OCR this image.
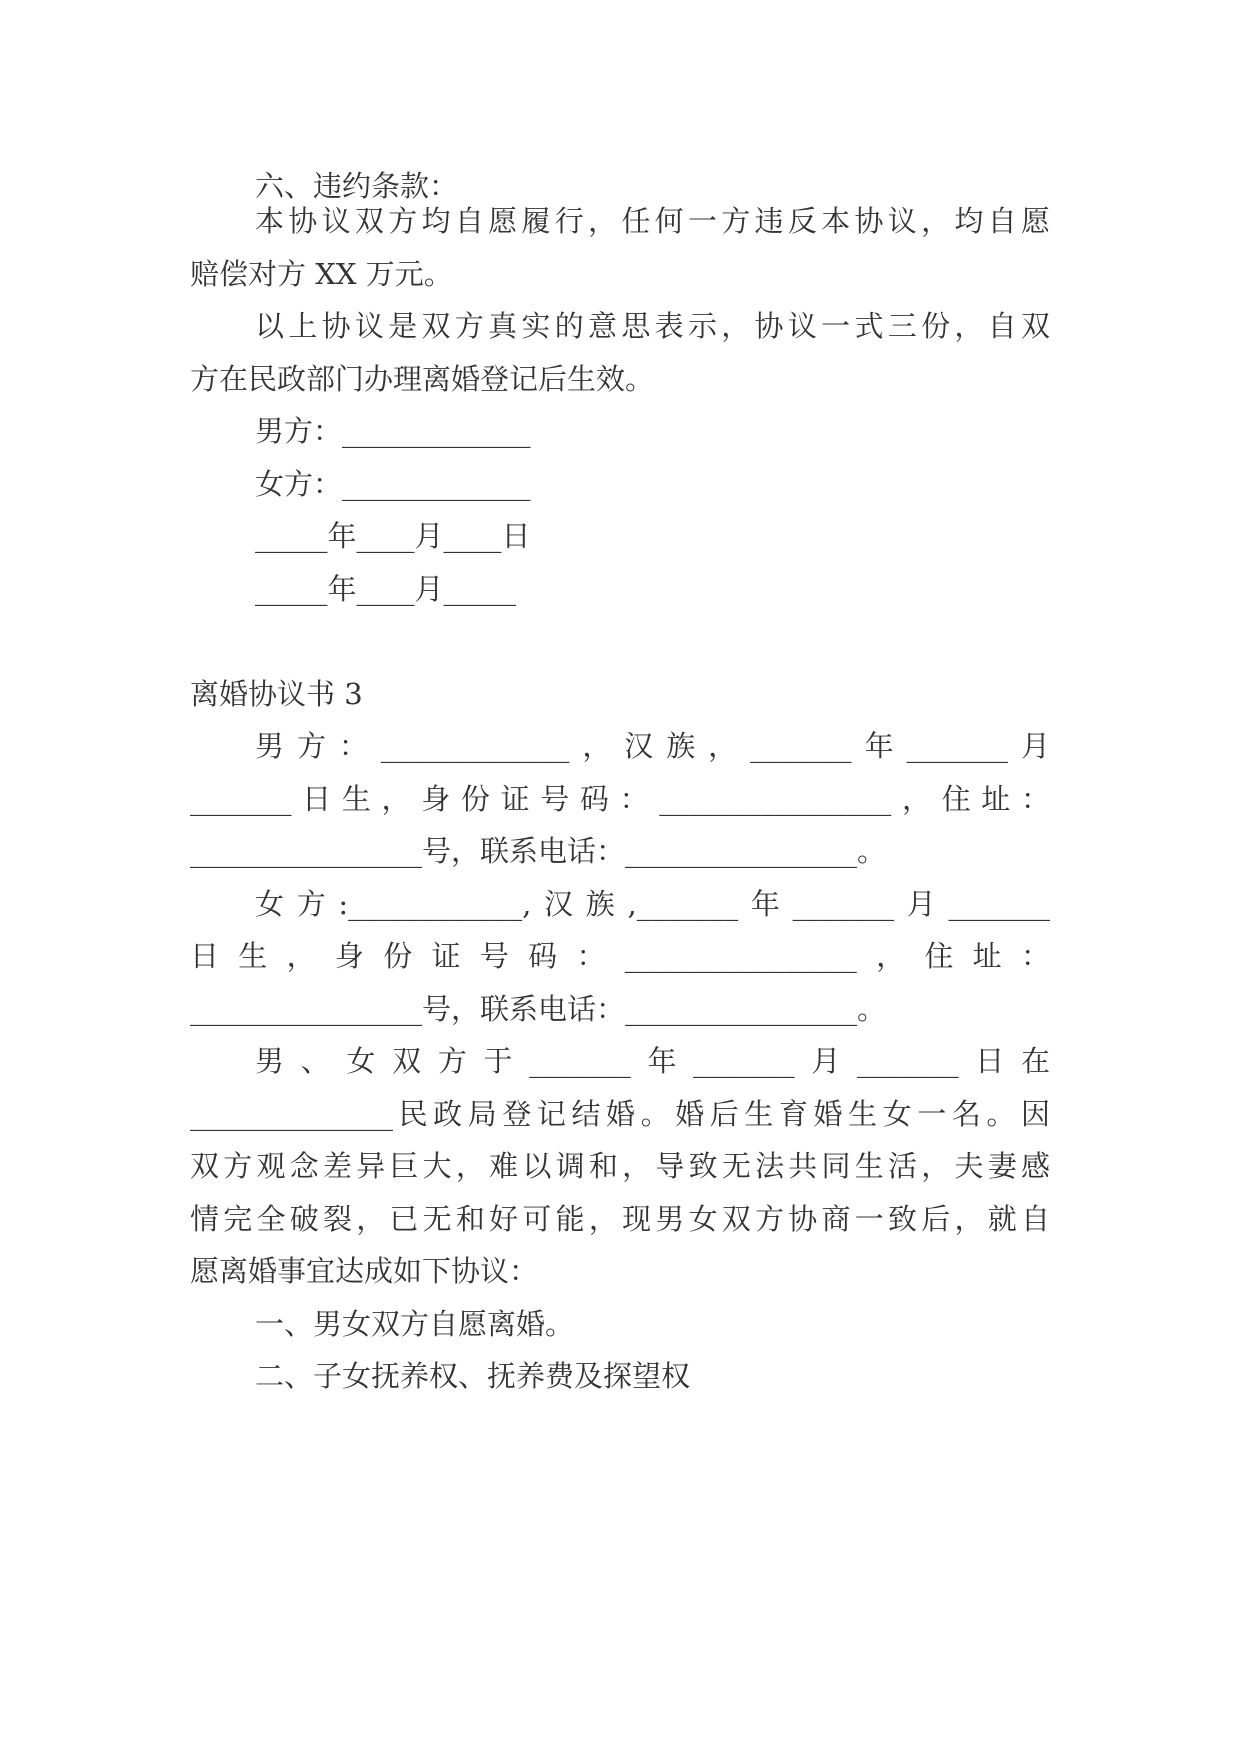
六、违约条款：
本协议双方均自愿履行，任何一方违反本协议，均自愿
赔偿对方 XX 万元。
以上协议是双方真实的意思表示，协议一式三份，自双
方在民政部门办理离婚登记后生效。
男方：_____________
女方：_____________
_____年____月____日
_____年____月_____
离婚协议书 3
男方：_____________，汉族，_______年_______月
_______日生，身份证号码：________________，住址：
________________号，联系电话：________________。
女方:____________,汉族,_______年_______月_______
日生，身份证号码：________________，住址：
________________号，联系电话：________________。
男、女双方于_______年_______月_______日在
______________民政局登记结婚。婚后生育婚生女一名。因
双方观念差异巨大，难以调和，导致无法共同生活，夫妻感
情完全破裂，已无和好可能，现男女双方协商一致后，就自
愿离婚事宜达成如下协议：
一、男女双方自愿离婚。
二、子女抚养权、抚养费及探望权
